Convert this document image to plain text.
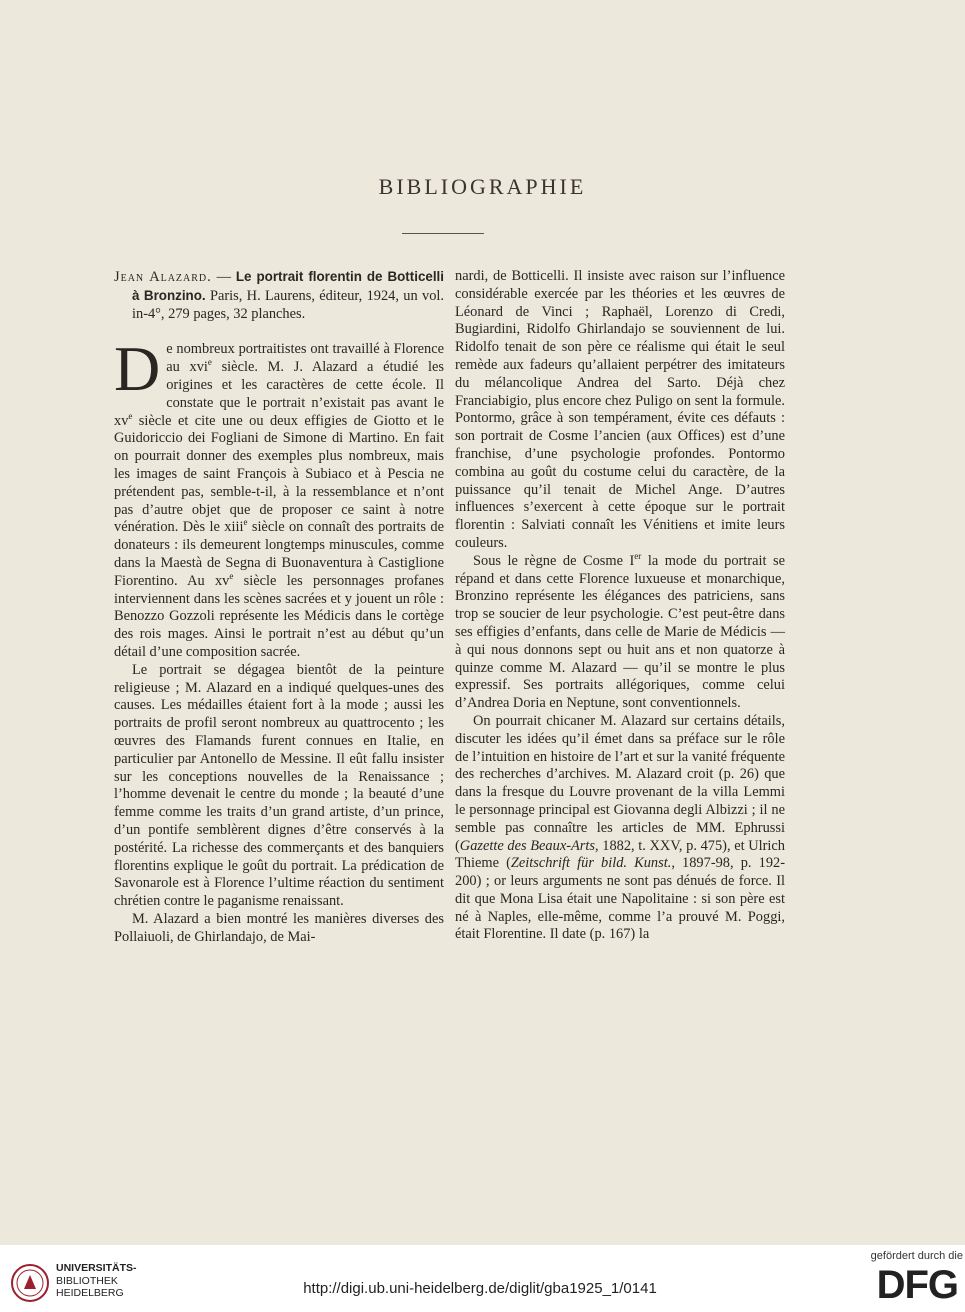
BIBLIOGRAPHIE

Jean Alazard. — Le portrait florentin de Botticelli à Bronzino. Paris, H. Laurens, éditeur, 1924, un vol. in-4°, 279 pages, 32 planches.

De nombreux portraitistes ont travaillé à Florence au xvi$^e$ siècle. M. J. Alazard a étudié les origines et les caractères de cette école. Il constate que le portrait n’existait pas avant le $xv^e$ siècle et cite une ou deux effigies de Giotto et le Guidoriccio dei Fogliani de Simone di Martino. En fait on pourrait donner des exemples plus nombreux, mais les images de saint François à Subiaco et à Pescia ne prétendent pas, semble-t-il, à la ressemblance et n’ont pas d’autre objet que de proposer ce saint à notre vénération. Dès le xiii$^e$ siècle on connaît des portraits de donateurs : ils demeurent longtemps minuscules, comme dans la Maestà de Segna di Buonaventura à Castiglione Fiorentino. Au $xv^e$ siècle les personnages profanes interviennent dans les scènes sacrées et y jouent un rôle : Benozzo Gozzoli représente les Médicis dans le cortège des rois mages. Ainsi le portrait n’est au début qu’un détail d’une composition sacrée.

Le portrait se dégagea bientôt de la peinture religieuse ; M. Alazard en a indiqué quelques-unes des causes. Les médailles étaient fort à la mode ; aussi les portraits de profil seront nombreux au quattrocento ; les œuvres des Flamands furent connues en Italie, en particulier par Antonello de Messine. Il eût fallu insister sur les conceptions nouvelles de la Renaissance ; l’homme devenait le centre du monde ; la beauté d’une femme comme les traits d’un grand artiste, d’un prince, d’un pontife semblèrent dignes d’être conservés à la postérité. La richesse des commerçants et des banquiers florentins explique le goût du portrait. La prédication de Savonarole est à Florence l’ultime réaction du sentiment chrétien contre le paganisme renaissant.

M. Alazard a bien montré les manières diverses des Pollaiuoli, de Ghirlandajo, de Mai-

nardi, de Botticelli. Il insiste avec raison sur l’influence considérable exercée par les théories et les œuvres de Léonard de Vinci ; Raphaël, Lorenzo di Credi, Bugiardini, Ridolfo Ghirlandajo se souviennent de lui. Ridolfo tenait de son père ce réalisme qui était le seul remède aux fadeurs qu’allaient perpétrer des imitateurs du mélancolique Andrea del Sarto. Déjà chez Franciabigio, plus encore chez Puligo on sent la formule. Pontormo, grâce à son tempérament, évite ces défauts : son portrait de Cosme l’ancien (aux Offices) est d’une franchise, d’une psychologie profondes. Pontormo combina au goût du costume celui du caractère, de la puissance qu’il tenait de Michel Ange. D’autres influences s’exercent à cette époque sur le portrait florentin : Salviati connaît les Vénitiens et imite leurs couleurs.

Sous le règne de Cosme Ier la mode du portrait se répand et dans cette Florence luxueuse et monarchique, Bronzino représente les élégances des patriciens, sans trop se soucier de leur psychologie. C’est peut-être dans ses effigies d’enfants, dans celle de Marie de Médicis — à qui nous donnons sept ou huit ans et non quatorze à quinze comme M. Alazard — qu’il se montre le plus expressif. Ses portraits allégoriques, comme celui d’Andrea Doria en Neptune, sont conventionnels.

On pourrait chicaner M. Alazard sur certains détails, discuter les idées qu’il émet dans sa préface sur le rôle de l’intuition en histoire de l’art et sur la vanité fréquente des recherches d’archives. M. Alazard croit (p. 26) que dans la fresque du Louvre provenant de la villa Lemmi le personnage principal est Giovanna degli Albizzi ; il ne semble pas connaître les articles de MM. Ephrussi (Gazette des Beaux-Arts, 1882, t. XXV, p. 475), et Ulrich Thieme (Zeitschrift für bild. Kunst., 1897-98, p. 192-200) ; or leurs arguments ne sont pas dénués de force. Il dit que Mona Lisa était une Napolitaine : si son père est né à Naples, elle-même, comme l’a prouvé M. Poggi, était Florentine. Il date (p. 167) la

UNIVERSITÄTS-
BIBLIOTHEK
HEIDELBERG	http://digi.ub.uni-heidelberg.de/diglit/gba1925_1/0141
gefördert durch die
DFG
